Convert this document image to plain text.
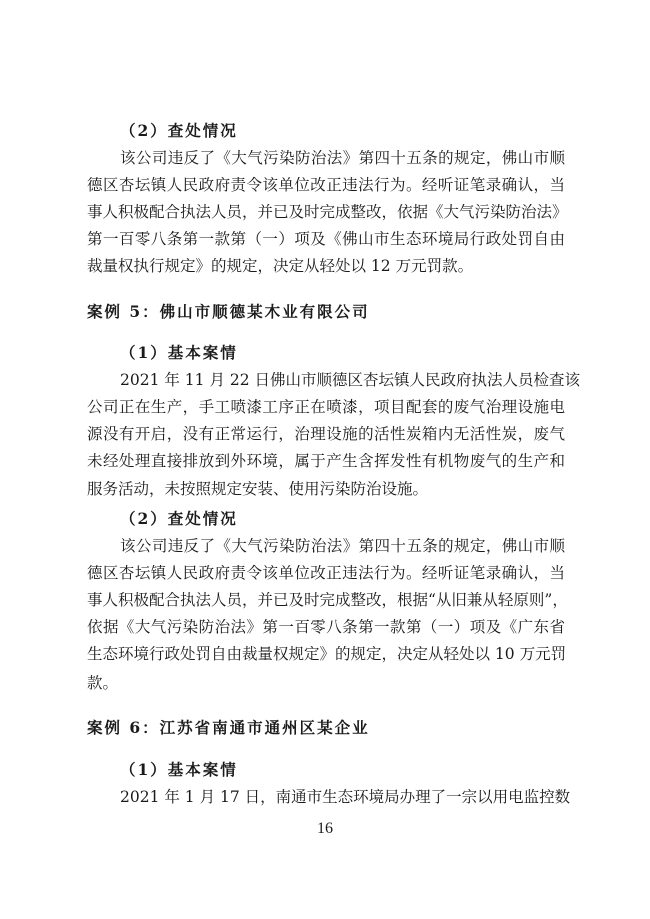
（2）查处情况
该公司违反了《大气污染防治法》第四十五条的规定，佛山市顺
德区杏坛镇人民政府责令该单位改正违法行为。经听证笔录确认，当
事人积极配合执法人员，并已及时完成整改，依据《大气污染防治法》
第一百零八条第一款第（一）项及《佛山市生态环境局行政处罚自由
裁量权执行规定》的规定，决定从轻处以 12 万元罚款。
案例 5：佛山市顺德某木业有限公司
（1）基本案情
2021 年 11 月 22 日佛山市顺德区杏坛镇人民政府执法人员检查该
公司正在生产，手工喷漆工序正在喷漆，项目配套的废气治理设施电
源没有开启，没有正常运行，治理设施的活性炭箱内无活性炭，废气
未经处理直接排放到外环境，属于产生含挥发性有机物废气的生产和
服务活动，未按照规定安装、使用污染防治设施。
（2）查处情况
该公司违反了《大气污染防治法》第四十五条的规定，佛山市顺
德区杏坛镇人民政府责令该单位改正违法行为。经听证笔录确认，当
事人积极配合执法人员，并已及时完成整改，根据“从旧兼从轻原则”，
依据《大气污染防治法》第一百零八条第一款第（一）项及《广东省
生态环境行政处罚自由裁量权规定》的规定，决定从轻处以 10 万元罚
款。
案例 6：江苏省南通市通州区某企业
（1）基本案情
2021 年 1 月 17 日，南通市生态环境局办理了一宗以用电监控数
16
